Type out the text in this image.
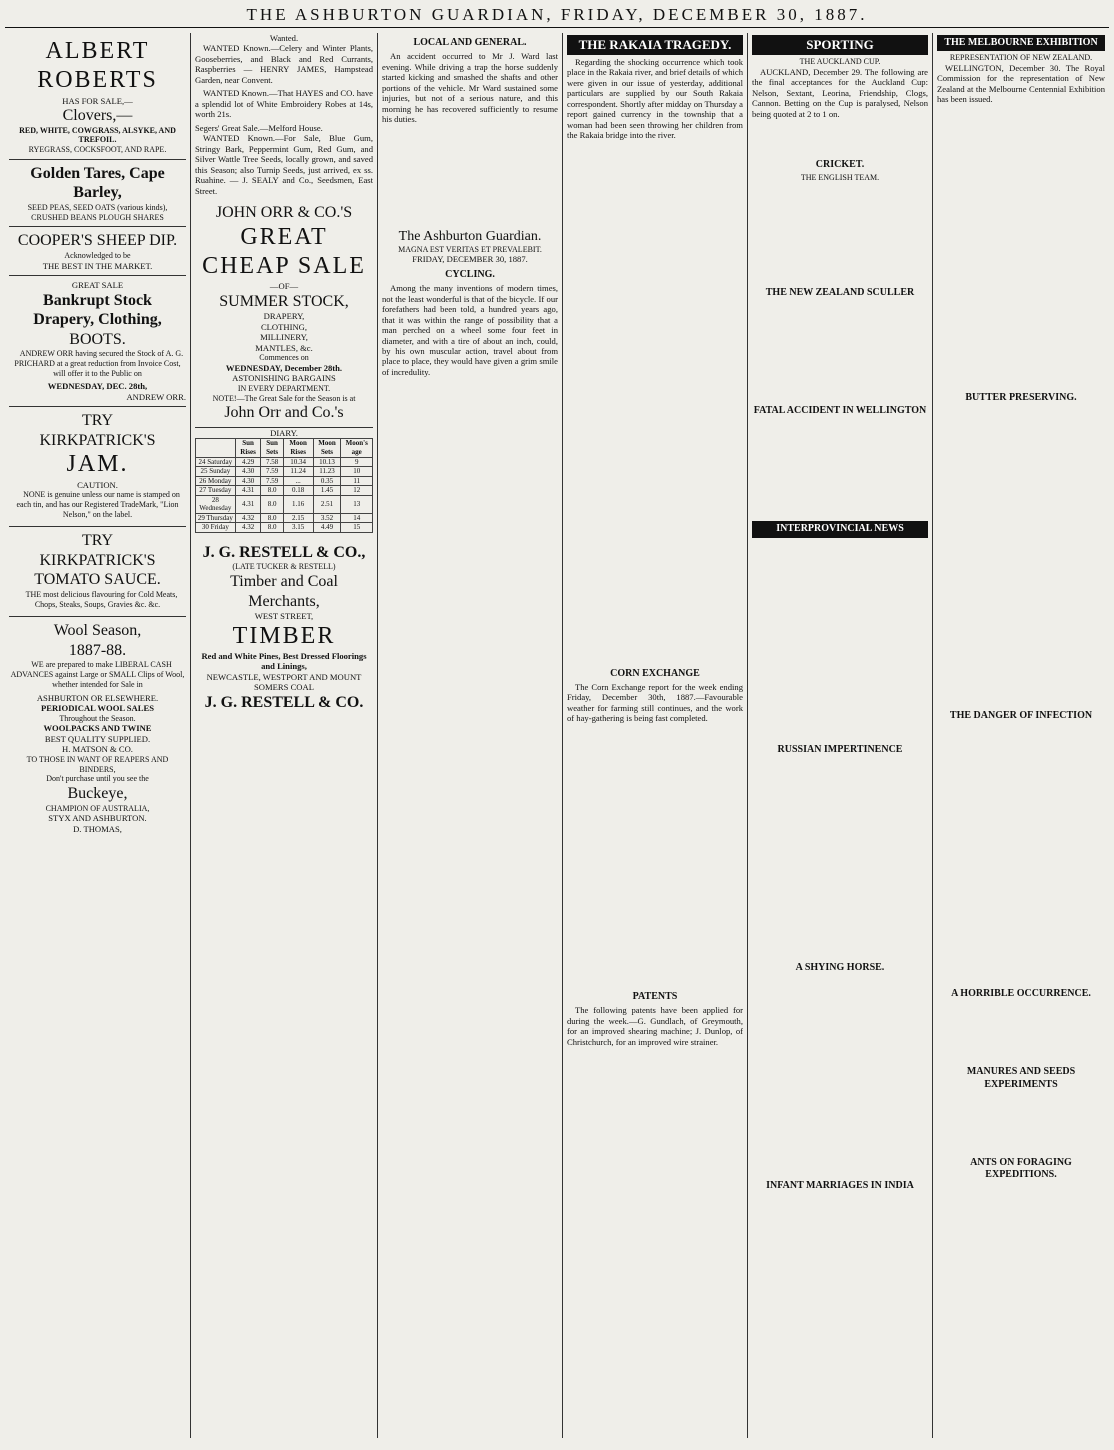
THE ASHBURTON GUARDIAN, FRIDAY, DECEMBER 30, 1887.
ALBERT ROBERTS
HAS FOR SALE,—
Clovers,—
RED, WHITE, COWGRASS, ALSYKE, AND TREFOIL.
RYEGRASS, COCKSFOOT, AND RAPE.
Golden Tares, Cape Barley,
SEED PEAS, SEED OATS (various kinds), CRUSHED BEANS PLOUGH SHARES
COOPER'S SHEEP DIP.
Acknowledged to be
THE BEST IN THE MARKET.
GREAT SALE
Bankrupt Stock
Drapery, Clothing,
BOOTS.

ANDREW ORR having secured the Stock of A. G. PRICHARD at a great reduction from Invoice Cost, will offer it to the Public on

WEDNESDAY, DEC. 28th,
ANDREW ORR.
TRY
KIRKPATRICK'S
JAM.
CAUTION.

NONE is genuine unless our name is stamped on each tin, and has our Registered TradeMark, "Lion Nelson," on the label.

TRY
KIRKPATRICK'S
TOMATO SAUCE.

THE most delicious flavouring for Cold Meats, Chops, Steaks, Soups, Gravies &c. &c.

Wool Season,
1887-88.

WE are prepared to make LIBERAL CASH ADVANCES against Large or SMALL Clips of Wool, whether intended for Sale in

ASHBURTON OR ELSEWHERE.
PERIODICAL WOOL SALES
Throughout the Season.
WOOLPACKS AND TWINE
BEST QUALITY SUPPLIED.
H. MATSON & CO.
TO THOSE IN WANT OF REAPERS AND BINDERS,
Don't purchase until you see the
Buckeye,
CHAMPION OF AUSTRALIA,
STYX AND ASHBURTON.
D. THOMAS,
Wanted.

WANTED Known.—Celery and Winter Plants, Gooseberries, and Black and Red Currants, Raspberries — HENRY JAMES, Hampstead Garden, near Convent.

WANTED Known.—That HAYES and CO. have a splendid lot of White Embroidery Robes at 14s, worth 21s.

Segers' Great Sale.—Melford House.

WANTED Known.—For Sale, Blue Gum, Stringy Bark, Peppermint Gum, Red Gum, and Silver Wattle Tree Seeds, locally grown, and saved this Season; also Turnip Seeds, just arrived, ex ss. Ruahine. — J. SEALY and Co., Seedsmen, East Street.

JOHN ORR & CO.'S
GREAT
CHEAP SALE
—OF—
SUMMER STOCK,
DRAPERY,
CLOTHING,
MILLINERY,
MANTLES, &c.
Commences on
WEDNESDAY, December 28th.
ASTONISHING BARGAINS
IN EVERY DEPARTMENT.
NOTE!—The Great Sale for the Season is at
John Orr and Co.'s
DIARY.
	Sun Rises	Sun Sets	Moon Rises	Moon Sets	Moon's age
24 Saturday	4.29	7.58	10.34	10.13	9
25 Sunday	4.30	7.59	11.24	11.23	10
26 Monday	4.30	7.59	...	0.35	11
27 Tuesday	4.31	8.0	0.18	1.45	12
28 Wednesday	4.31	8.0	1.16	2.51	13
29 Thursday	4.32	8.0	2.15	3.52	14
30 Friday	4.32	8.0	3.15	4.49	15
J. G. RESTELL & CO.,
(LATE TUCKER & RESTELL)
Timber and Coal Merchants,
WEST STREET,
TIMBER
Red and White Pines, Best Dressed Floorings and Linings,
NEWCASTLE, WESTPORT AND MOUNT SOMERS COAL
J. G. RESTELL & CO.
LOCAL AND GENERAL.

An accident occurred to Mr J. Ward last evening. While driving a trap the horse suddenly started kicking and smashed the shafts and other portions of the vehicle. Mr Ward sustained some injuries, but not of a serious nature, and this morning he has recovered sufficiently to resume his duties.

The Ashburton Guardian.
MAGNA EST VERITAS ET PREVALEBIT.
FRIDAY, DECEMBER 30, 1887.
CYCLING.

Among the many inventions of modern times, not the least wonderful is that of the bicycle. If our forefathers had been told, a hundred years ago, that it was within the range of possibility that a man perched on a wheel some four feet in diameter, and with a tire of about an inch, could, by his own muscular action, travel about from place to place, they would have given a grim smile of incredulity.

THE RAKAIA TRAGEDY.

Regarding the shocking occurrence which took place in the Rakaia river, and brief details of which were given in our issue of yesterday, additional particulars are supplied by our South Rakaia correspondent. Shortly after midday on Thursday a report gained currency in the township that a woman had been seen throwing her children from the Rakaia bridge into the river.

CORN EXCHANGE

The Corn Exchange report for the week ending Friday, December 30th, 1887.—Favourable weather for farming still continues, and the work of hay-gathering is being fast completed.

PATENTS

The following patents have been applied for during the week.—G. Gundlach, of Greymouth, for an improved shearing machine; J. Dunlop, of Christchurch, for an improved wire strainer.

SPORTING
THE AUCKLAND CUP.

AUCKLAND, December 29. The following are the final acceptances for the Auckland Cup: Nelson, Sextant, Leorina, Friendship, Clogs, Cannon. Betting on the Cup is paralysed, Nelson being quoted at 2 to 1 on.

CRICKET.
THE ENGLISH TEAM.
THE NEW ZEALAND SCULLER
FATAL ACCIDENT IN WELLINGTON
INTERPROVINCIAL NEWS
RUSSIAN IMPERTINENCE
A SHYING HORSE.
INFANT MARRIAGES IN INDIA
THE MELBOURNE EXHIBITION
REPRESENTATION OF NEW ZEALAND.

WELLINGTON, December 30. The Royal Commission for the representation of New Zealand at the Melbourne Centennial Exhibition has been issued.

BUTTER PRESERVING.
THE DANGER OF INFECTION
A HORRIBLE OCCURRENCE.
MANURES AND SEEDS EXPERIMENTS
ANTS ON FORAGING EXPEDITIONS.
